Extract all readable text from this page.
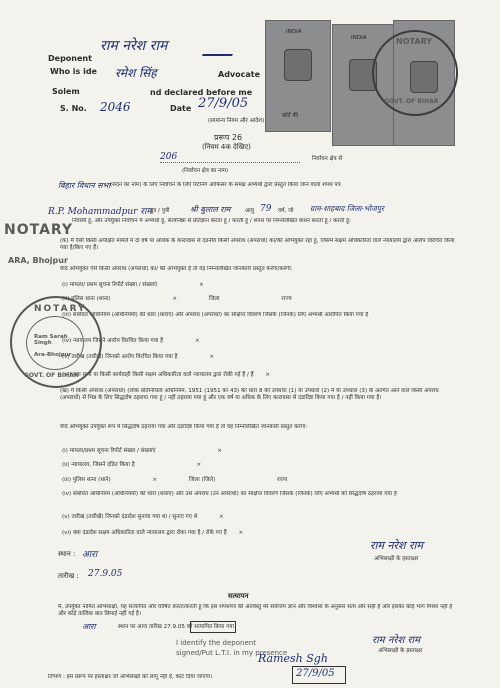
INDIA
कोर्ट फी
INDIA	NOTARY
GOVT. OF BIHAR
Deponent
राम नरेश राम
Who is ide रमेश सिंह	Advocate
Solem	nd declared before me
S. No. 2046	Date 27/9/05
(सामान्य नियम और आदेश)
प्ररूप 26
(नियम 4क देखिए)
206	निर्वाचन क्षेत्र से
(निर्वाचन क्षेत्र का नाम)
बिहार विधान सभा (सदन का नाम) के लिए निर्वाचन के लिए रिटर्निंग आफिसर के समक्ष अभ्यर्थी द्वारा प्रस्तुत किया जाने वाला शपथ पत्र
R.P. Mohammadpur राम
पुत्र / पुत्री	श्री बुलाल राम	आयु 79 वर्ष, जो ग्राम-शाहबाद जिला-भोजपुर
निवासी हूं, और उपर्युक्त निर्वाचन में अभ्यर्थी हूं, सत्यनिष्ठा से प्रतिज्ञान करता हूं / करती हूं / शपथ पर निम्नलिखित कथन करता हूं / करती हूं:
NOTARY
ARA, Bhojpur
(क) मैं ऐसी किसी अपेक्षित मामले में दो वर्ष या अधिक के कारावास से दंडनीय किसी अपराध (अपराधों) का/की अभियुक्त रहा हूं, जिसमें सक्षम अधिकारिता वाले न्यायालय द्वारा आरोप विरचित किया गया है/किए गए हैं।
यदि अभियुक्त ऐसे किसी अपराध (अपराधों) का/ की अभियुक्त है तो वह निम्नलिखित जानकारी प्रस्तुत करेगा/करेगी:
(i) मामला/ प्रथम सूचना रिपोर्ट संख्या / संख्याएं	×
(ii) पुलिस थाना (थाना)	×	जिला	राज्य
(iii) संबंधित अधिनियम (अधिनियमों) की धारा (धाराएं) और अपराध (अपराधों) का संक्षिप्त विवरण जिसके (जिनके) लिए अभ्यर्थी आरोपित किया गया है
(iv) न्यायालय जिसने आरोप विरचित किया गया है	×
(v) तारीख (तारीखें) जिनको आरोप विरचित किया गया है	×
(vi) क्या सभी या किसी कार्यवाही किसी सक्षम अधिकारिता वाले न्यायालय द्वारा रोकी गई हैं / हैं ×
NOTARY
Ram Sarah Singh
Ara-Bhojpur
GOVT. OF BIHAR
(ख) मैं किसी अपराध (अपराधों) (लोक प्रतिनिधित्व अधिनियम, 1951 (1951 का 43) की धारा 8 की उपधारा (1) या उपधारा (2) में या उपधारा (3) के अंतर्गत आने वाले किसी अपराध (अपराधों) से भिन्न के लिए सिद्धदोष ठहराया गया हूं / नहीं ठहराया गया हूं और एक वर्ष या अधिक के लिए कारावास से दंडादिष्ट किया गया है / नहीं किया गया है।
यदि अभियुक्त उपर्युक्त रूप में सिद्धदोष ठहराया गया और दंडादिष्ट किया गया है तो वह निम्नलिखित जानकारी प्रस्तुत करेगा:
(i) मामला/प्रथम सूचना रिपोर्ट संख्या / संख्याएं	×
(ii) न्यायालय, जिसने दंडित किया है	×
(iii) पुलिस थाना (थाने)	×	जिला (जिले)	राज्य
(iv) संबंधित अधिनियम (अधिनियमों) की धारा (धाराएं) और उस अपराध (उन अपराधों) का संक्षिप्त विवरण जिसके (जिनके) लिए अभ्यर्थी को सिद्धदोष ठहराया गया है
(v) तारीख (तारीखें) जिनको दंडादेश सुनाया गया था / सुनाए गए थे	×
(vi) क्या दंडादेश सक्षम अधिकारिता वाले न्यायालय द्वारा रोका गया है / रोके गए हैं ×
स्थान : आरा
राम नरेश राम
अभिसाक्षी के हस्ताक्षर
तारीख : 27.9.05
सत्यापन
मैं, उपर्युक्त नामित अभिसाक्षी, यह सत्यापित और घोषित करता/करती हूं कि इस शपथपत्र की अंतर्वस्तु मेरे सर्वोत्तम ज्ञान और विश्वास के अनुसार सत्य और सही है और इसका कोई भाग मिथ्या नहीं है और कोई तात्विक बात छिपाई नहीं गई है।
आरा	स्थान पर आज तारीख 27.9.05 को सत्यापित किया गया।
I identify the deponent
signed/Put L.T.I. in my presence
Ramesh Sgh
राम नरेश राम
अभिसाक्षी के हस्ताक्षर
टिप्पण : इस प्ररूप पर हस्ताक्षर जो अभिसाक्षी को लागू नहीं है, काट दिया जाएगा।	27/9/05
